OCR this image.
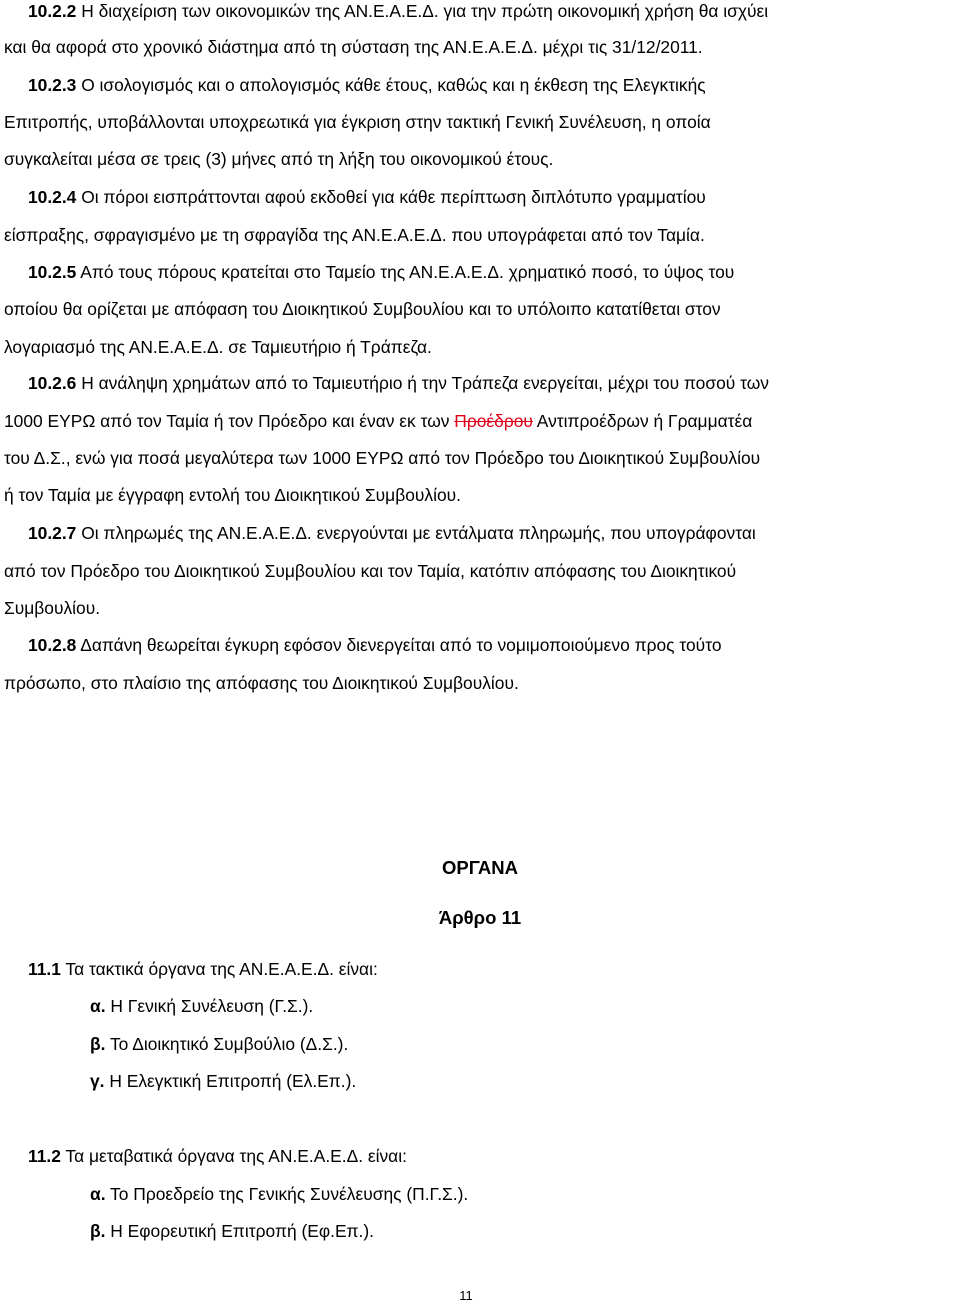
10.2.2 Η διαχείριση των οικονομικών της ΑΝ.Ε.Α.Ε.Δ. για την πρώτη οικονομική χρήση θα ισχύει
και θα αφορά στο χρονικό διάστημα από τη σύσταση της ΑΝ.Ε.Α.Ε.Δ. μέχρι τις 31/12/2011.
10.2.3 Ο ισολογισμός και ο απολογισμός κάθε έτους, καθώς και η έκθεση της Ελεγκτικής
Επιτροπής, υποβάλλονται υποχρεωτικά για έγκριση στην τακτική Γενική Συνέλευση, η οποία
συγκαλείται μέσα σε τρεις (3) μήνες από τη λήξη του οικονομικού έτους.
10.2.4 Οι πόροι εισπράττονται αφού εκδοθεί για κάθε περίπτωση διπλότυπο γραμματίου
είσπραξης, σφραγισμένο με τη σφραγίδα της ΑΝ.Ε.Α.Ε.Δ. που υπογράφεται από τον Ταμία.
10.2.5 Από τους πόρους κρατείται στο Ταμείο της ΑΝ.Ε.Α.Ε.Δ. χρηματικό ποσό, το ύψος του
οποίου θα ορίζεται με απόφαση του Διοικητικού Συμβουλίου και το υπόλοιπο κατατίθεται στον
λογαριασμό της ΑΝ.Ε.Α.Ε.Δ. σε Ταμιευτήριο ή Τράπεζα.
10.2.6 Η ανάληψη χρημάτων από το Ταμιευτήριο ή την Τράπεζα ενεργείται, μέχρι του ποσού των
1000 ΕΥΡΩ από τον Ταμία ή τον Πρόεδρο και έναν εκ των Προέδρου Αντιπροέδρων ή Γραμματέα
του Δ.Σ., ενώ για ποσά μεγαλύτερα των 1000 ΕΥΡΩ από τον Πρόεδρο του Διοικητικού Συμβουλίου
ή τον Ταμία με έγγραφη εντολή του Διοικητικού Συμβουλίου.
10.2.7 Οι πληρωμές της ΑΝ.Ε.Α.Ε.Δ. ενεργούνται με εντάλματα πληρωμής, που υπογράφονται
από τον Πρόεδρο του Διοικητικού Συμβουλίου και τον Ταμία, κατόπιν απόφασης του Διοικητικού
Συμβουλίου.
10.2.8 Δαπάνη θεωρείται έγκυρη εφόσον διενεργείται από το νομιμοποιούμενο προς τούτο
πρόσωπο, στο πλαίσιο της απόφασης του Διοικητικού Συμβουλίου.
ΟΡΓΑΝΑ
Άρθρο 11
11.1 Τα τακτικά όργανα της ΑΝ.Ε.Α.Ε.Δ. είναι:
α. Η Γενική Συνέλευση (Γ.Σ.).
β. Το Διοικητικό Συμβούλιο (Δ.Σ.).
γ. Η Ελεγκτική Επιτροπή (Ελ.Επ.).
11.2 Τα μεταβατικά όργανα της ΑΝ.Ε.Α.Ε.Δ. είναι:
α. Το Προεδρείο της Γενικής Συνέλευσης (Π.Γ.Σ.).
β. Η Εφορευτική Επιτροπή (Εφ.Επ.).
11
